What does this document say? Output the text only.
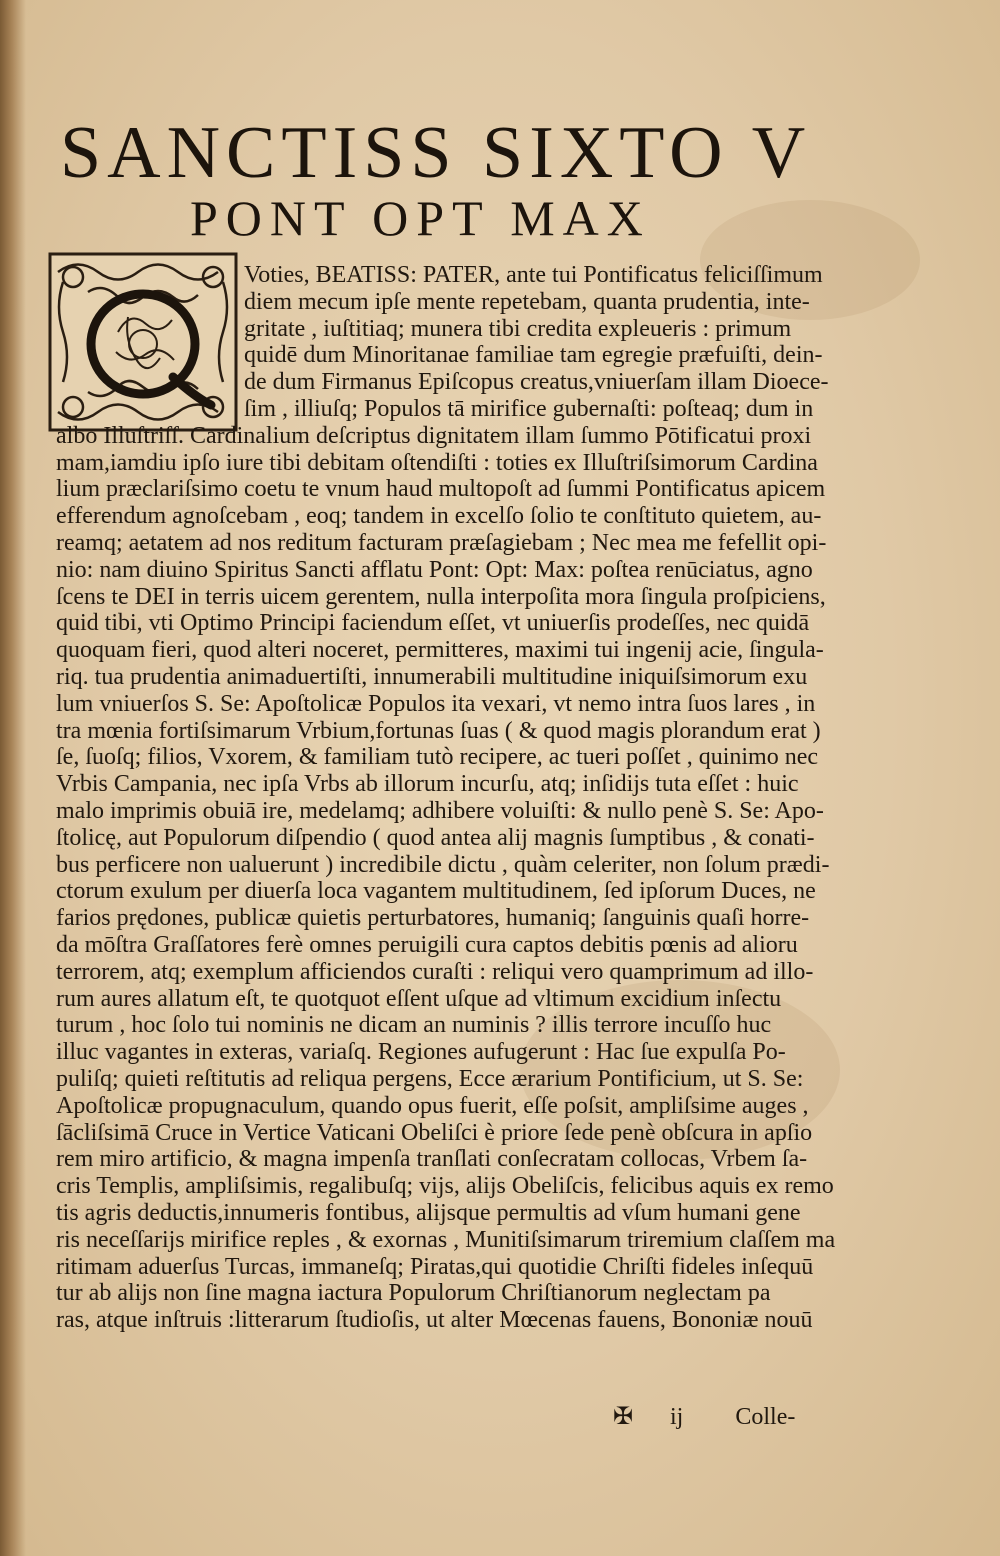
SANCTISS SIXTO V
PONT OPT MAX
Voties, BEATISS: PATER, ante tui Pontificatus feliciſſimum
diem mecum ipſe mente repetebam, quanta prudentia, inte-
gritate , iuſtitiaq; munera tibi credita expleueris : primum
quidē dum Minoritanae familiae tam egregie præfuiſti, dein-
de dum Firmanus Epiſcopus creatus,vniuerſam illam Dioece-
ſim , illiuſq; Populos tā mirifice gubernaſti: poſteaq; dum in
albo Illuſtriſſ. Cardinalium deſcriptus dignitatem illam ſummo Pōtificatui proxi
mam,iamdiu ipſo iure tibi debitam oſtendiſti : toties ex Illuſtriſsimorum Cardina
lium præclariſsimo coetu te vnum haud multopoſt ad ſummi Pontificatus apicem
efferendum agnoſcebam , eoq; tandem in excelſo ſolio te conſtituto quietem, au-
reamq; aetatem ad nos reditum facturam præſagiebam ; Nec mea me fefellit opi-
nio: nam diuino Spiritus Sancti afflatu Pont: Opt: Max: poſtea renūciatus, agno
ſcens te DEI in terris uicem gerentem, nulla interpoſita mora ſingula proſpiciens,
quid tibi, vti Optimo Principi faciendum eſſet, vt uniuerſis prodeſſes, nec quidā
quoquam fieri, quod alteri noceret, permitteres, maximi tui ingenij acie, ſingula-
riq. tua prudentia animaduertiſti, innumerabili multitudine iniquiſsimorum exu
lum vniuerſos S. Se: Apoſtolicæ Populos ita vexari, vt nemo intra ſuos lares , in
tra mœnia fortiſsimarum Vrbium,fortunas ſuas ( & quod magis plorandum erat )
ſe, ſuoſq; filios, Vxorem, & familiam tutò recipere, ac tueri poſſet , quinimo nec
Vrbis Campania, nec ipſa Vrbs ab illorum incurſu, atq; inſidijs tuta eſſet : huic
malo imprimis obuiā ire, medelamq; adhibere voluiſti: & nullo penè S. Se: Apo-
ſtolicę, aut Populorum diſpendio ( quod antea alij magnis ſumptibus , & conati-
bus perficere non ualuerunt ) incredibile dictu , quàm celeriter, non ſolum prædi-
ctorum exulum per diuerſa loca vagantem multitudinem, ſed ipſorum Duces, ne
farios prędones, publicæ quietis perturbatores, humaniq; ſanguinis quaſi horre-
da mōſtra Graſſatores ferè omnes peruigili cura captos debitis pœnis ad alioru
terrorem, atq; exemplum afficiendos curaſti : reliqui vero quamprimum ad illo-
rum aures allatum eſt, te quotquot eſſent uſque ad vltimum excidium inſectu
turum , hoc ſolo tui nominis ne dicam an numinis ? illis terrore incuſſo huc
illuc vagantes in exteras, variaſq. Regiones aufugerunt : Hac ſue expulſa Po-
puliſq; quieti reſtitutis ad reliqua pergens, Ecce ærarium Pontificium, ut S. Se:
Apoſtolicæ propugnaculum, quando opus fuerit, eſſe poſsit, ampliſsime auges ,
ſācliſsimā Cruce in Vertice Vaticani Obeliſci è priore ſede penè obſcura in apſio
rem miro artificio, & magna impenſa tranſlati conſecratam collocas, Vrbem ſa-
cris Templis, ampliſsimis, regalibuſq; vijs, alijs Obeliſcis, felicibus aquis ex remo
tis agris deductis,innumeris fontibus, alijsque permultis ad vſum humani gene
ris neceſſarijs mirifice reples , & exornas , Munitiſsimarum triremium claſſem ma
ritimam aduerſus Turcas, immaneſq; Piratas,qui quotidie Chriſti fideles inſequū
tur ab alijs non ſine magna iactura Populorum Chriſtianorum neglectam pa
ras, atque inſtruis :litterarum ſtudioſis, ut alter Mœcenas fauens, Bononiæ nouū
✠ ij Colle-
